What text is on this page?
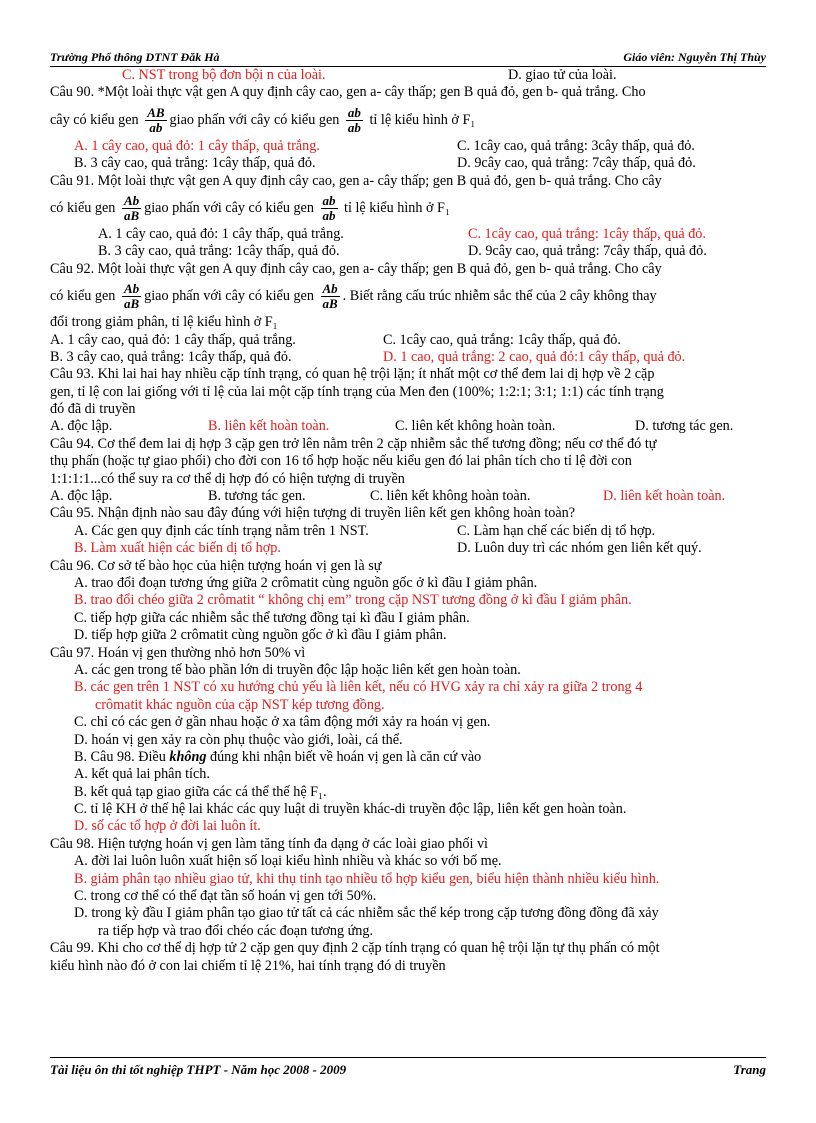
Trường Phổ thông DTNT Đăk Hà	Giáo viên: Nguyễn Thị Thùy
C. NST trong bộ đơn bội n của loài.	D. giao tử của loài.
Câu 90. *Một loài thực vật gen A quy định cây cao, gen a- cây thấp; gen B quả đỏ, gen b- quả trắng. Cho
cây có kiểu gen $\frac{AB}{ab}$ giao phấn với cây có kiểu gen $\frac{ab}{ab}$ tỉ lệ kiểu hình ở F₁
A. 1 cây cao, quả đỏ: 1 cây thấp, quả trắng.	C. 1cây cao, quả trắng: 3cây thấp, quả đỏ.
B. 3 cây cao, quả trắng: 1cây thấp, quả đỏ.	D. 9cây cao, quả trắng: 7cây thấp, quả đỏ.
Câu 91. Một loài thực vật gen A quy định cây cao, gen a- cây thấp; gen B quả đỏ, gen b- quả trắng. Cho cây
có kiểu gen $\frac{Ab}{aB}$ giao phấn với cây có kiểu gen $\frac{ab}{ab}$ tỉ lệ kiểu hình ở F₁
A. 1 cây cao, quả đỏ: 1 cây thấp, quả trắng.	C. 1cây cao, quả trắng: 1cây thấp, quả đỏ.
B. 3 cây cao, quả trắng: 1cây thấp, quả đỏ.	D. 9cây cao, quả trắng: 7cây thấp, quả đỏ.
Câu 92. Một loài thực vật gen A quy định cây cao, gen a- cây thấp; gen B quả đỏ, gen b- quả trắng. Cho cây
có kiểu gen $\frac{Ab}{aB}$ giao phấn với cây có kiểu gen $\frac{Ab}{aB}$ . Biết rằng cấu trúc nhiễm sắc thể của 2 cây không thay
đổi trong giảm phân, tỉ lệ kiểu hình ở F₁
A. 1 cây cao, quả đỏ: 1 cây thấp, quả trắng.	C. 1cây cao, quả trắng: 1cây thấp, quả đỏ.
B. 3 cây cao, quả trắng: 1cây thấp, quả đỏ.	D. 1 cao, quả trắng: 2 cao, quả đỏ:1 cây thấp, quả đỏ.
Câu 93. Khi lai hai hay nhiều cặp tính trạng, có quan hệ trội lặn; ít nhất một cơ thể đem lai dị hợp về 2 cặp
gen, tỉ lệ con lai giống với tỉ lệ của lai một cặp tính trạng của Men đen (100%; 1:2:1; 3:1; 1:1) các tính trạng
đó đã di truyền
A. độc lập.	B. liên kết hoàn toàn.	C. liên kết không hoàn toàn.	D. tương tác gen.
Câu 94. Cơ thể đem lai dị hợp 3 cặp gen trở lên nằm trên 2 cặp nhiễm sắc thể tương đồng; nếu cơ thể đó tự
thụ phấn (hoặc tự giao phối) cho đời con 16 tổ hợp hoặc nếu kiểu gen đó lai phân tích cho tỉ lệ đời con
1:1:1:1...có thể suy ra cơ thể dị hợp đó có hiện tượng di truyền
A. độc lập.	B. tương tác gen.	C. liên kết không hoàn toàn.	D. liên kết hoàn toàn.
Câu 95. Nhận định nào sau đây đúng với hiện tượng di truyền liên kết gen không hoàn toàn?
A. Các gen quy định các tính trạng nằm trên 1 NST.	C. Làm hạn chế các biến dị tổ hợp.
B. Làm xuất hiện các biến dị tổ hợp.	D. Luôn duy trì các nhóm gen liên kết quý.
Câu 96. Cơ sở tế bào học của hiện tượng hoán vị gen là sự
A. trao đổi đoạn tương ứng giữa 2 crômatit cùng nguồn gốc ở kì đầu I giảm phân.
B. trao đổi chéo giữa 2 crômatit “ không chị em” trong cặp NST tương đồng ở kì đầu I giảm phân.
C. tiếp hợp giữa các nhiễm sắc thể tương đồng tại kì đầu I giảm phân.
D. tiếp hợp giữa 2 crômatit cùng nguồn gốc ở kì đầu I giảm phân.
Câu 97. Hoán vị gen thường nhỏ hơn 50% vì
A. các gen trong tế bào phần lớn di truyền độc lập hoặc liên kết gen hoàn toàn.
B. các gen trên 1 NST có xu hướng chủ yếu là liên kết, nếu có HVG xảy ra chỉ xảy ra giữa 2 trong 4
crômatit khác nguồn của cặp NST kép tương đồng.
C. chỉ có các gen ở gần nhau hoặc ở xa tâm động mới xảy ra hoán vị gen.
D. hoán vị gen xảy ra còn phụ thuộc vào giới, loài, cá thể.
B. Câu 98. Điều không đúng khi nhận biết về hoán vị gen là căn cứ vào
A. kết quả lai phân tích.
B. kết quả tạp giao giữa các cá thể thế hệ F₁.
C. tỉ lệ KH ở thế hệ lai khác các quy luật di truyền khác-di truyền độc lập, liên kết gen hoàn toàn.
D. số các tổ hợp ở đời lai luôn ít.
Câu 98. Hiện tượng hoán vị gen làm tăng tính đa dạng ở các loài giao phối vì
A. đời lai luôn luôn xuất hiện số loại kiểu hình nhiều và khác so với bố mẹ.
B. giảm phân tạo nhiều giao tử, khi thụ tinh tạo nhiều tổ hợp kiểu gen, biểu hiện thành nhiều kiểu hình.
C. trong cơ thể có thể đạt tần số hoán vị gen tới 50%.
D. trong kỳ đầu I giảm phân tạo giao tử tất cả các nhiễm sắc thể kép trong cặp tương đồng đồng đã xảy
ra tiếp hợp và trao đổi chéo các đoạn tương ứng.
Câu 99. Khi cho cơ thể dị hợp tử 2 cặp gen quy định 2 cặp tính trạng có quan hệ trội lặn tự thụ phấn có một
kiểu hình nào đó ở con lai chiếm tỉ lệ 21%, hai tính trạng đó di truyền
Tài liệu ôn thi tốt nghiệp THPT - Năm học 2008 - 2009	Trang
